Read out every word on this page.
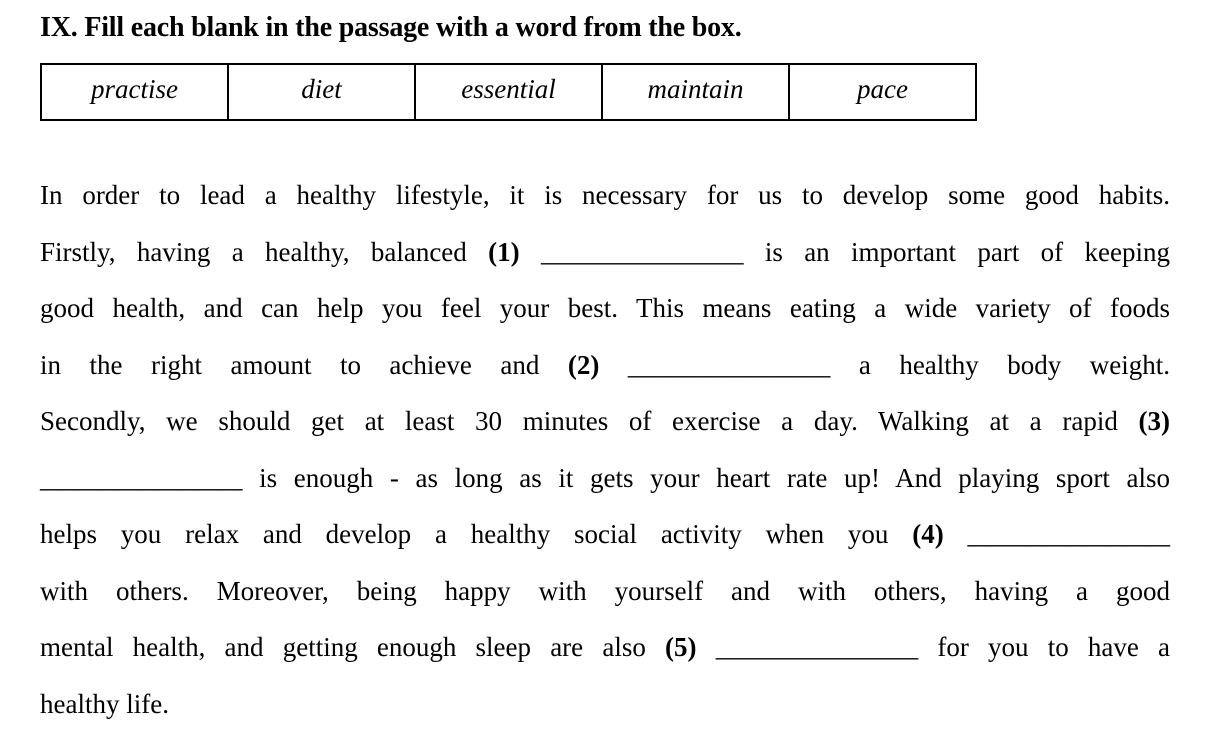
IX. Fill each blank in the passage with a word from the box.
practise	diet	essential	maintain	pace
In order to lead a healthy lifestyle, it is necessary for us to develop some good habits.
Firstly, having a healthy, balanced (1) _______________ is an important part of keeping
good health, and can help you feel your best. This means eating a wide variety of foods
in the right amount to achieve and (2) _______________ a healthy body weight.
Secondly, we should get at least 30 minutes of exercise a day. Walking at a rapid (3)
_______________ is enough - as long as it gets your heart rate up! And playing sport also
helps you relax and develop a healthy social activity when you (4) _______________
with others. Moreover, being happy with yourself and with others, having a good
mental health, and getting enough sleep are also (5) _______________ for you to have a
healthy life.
